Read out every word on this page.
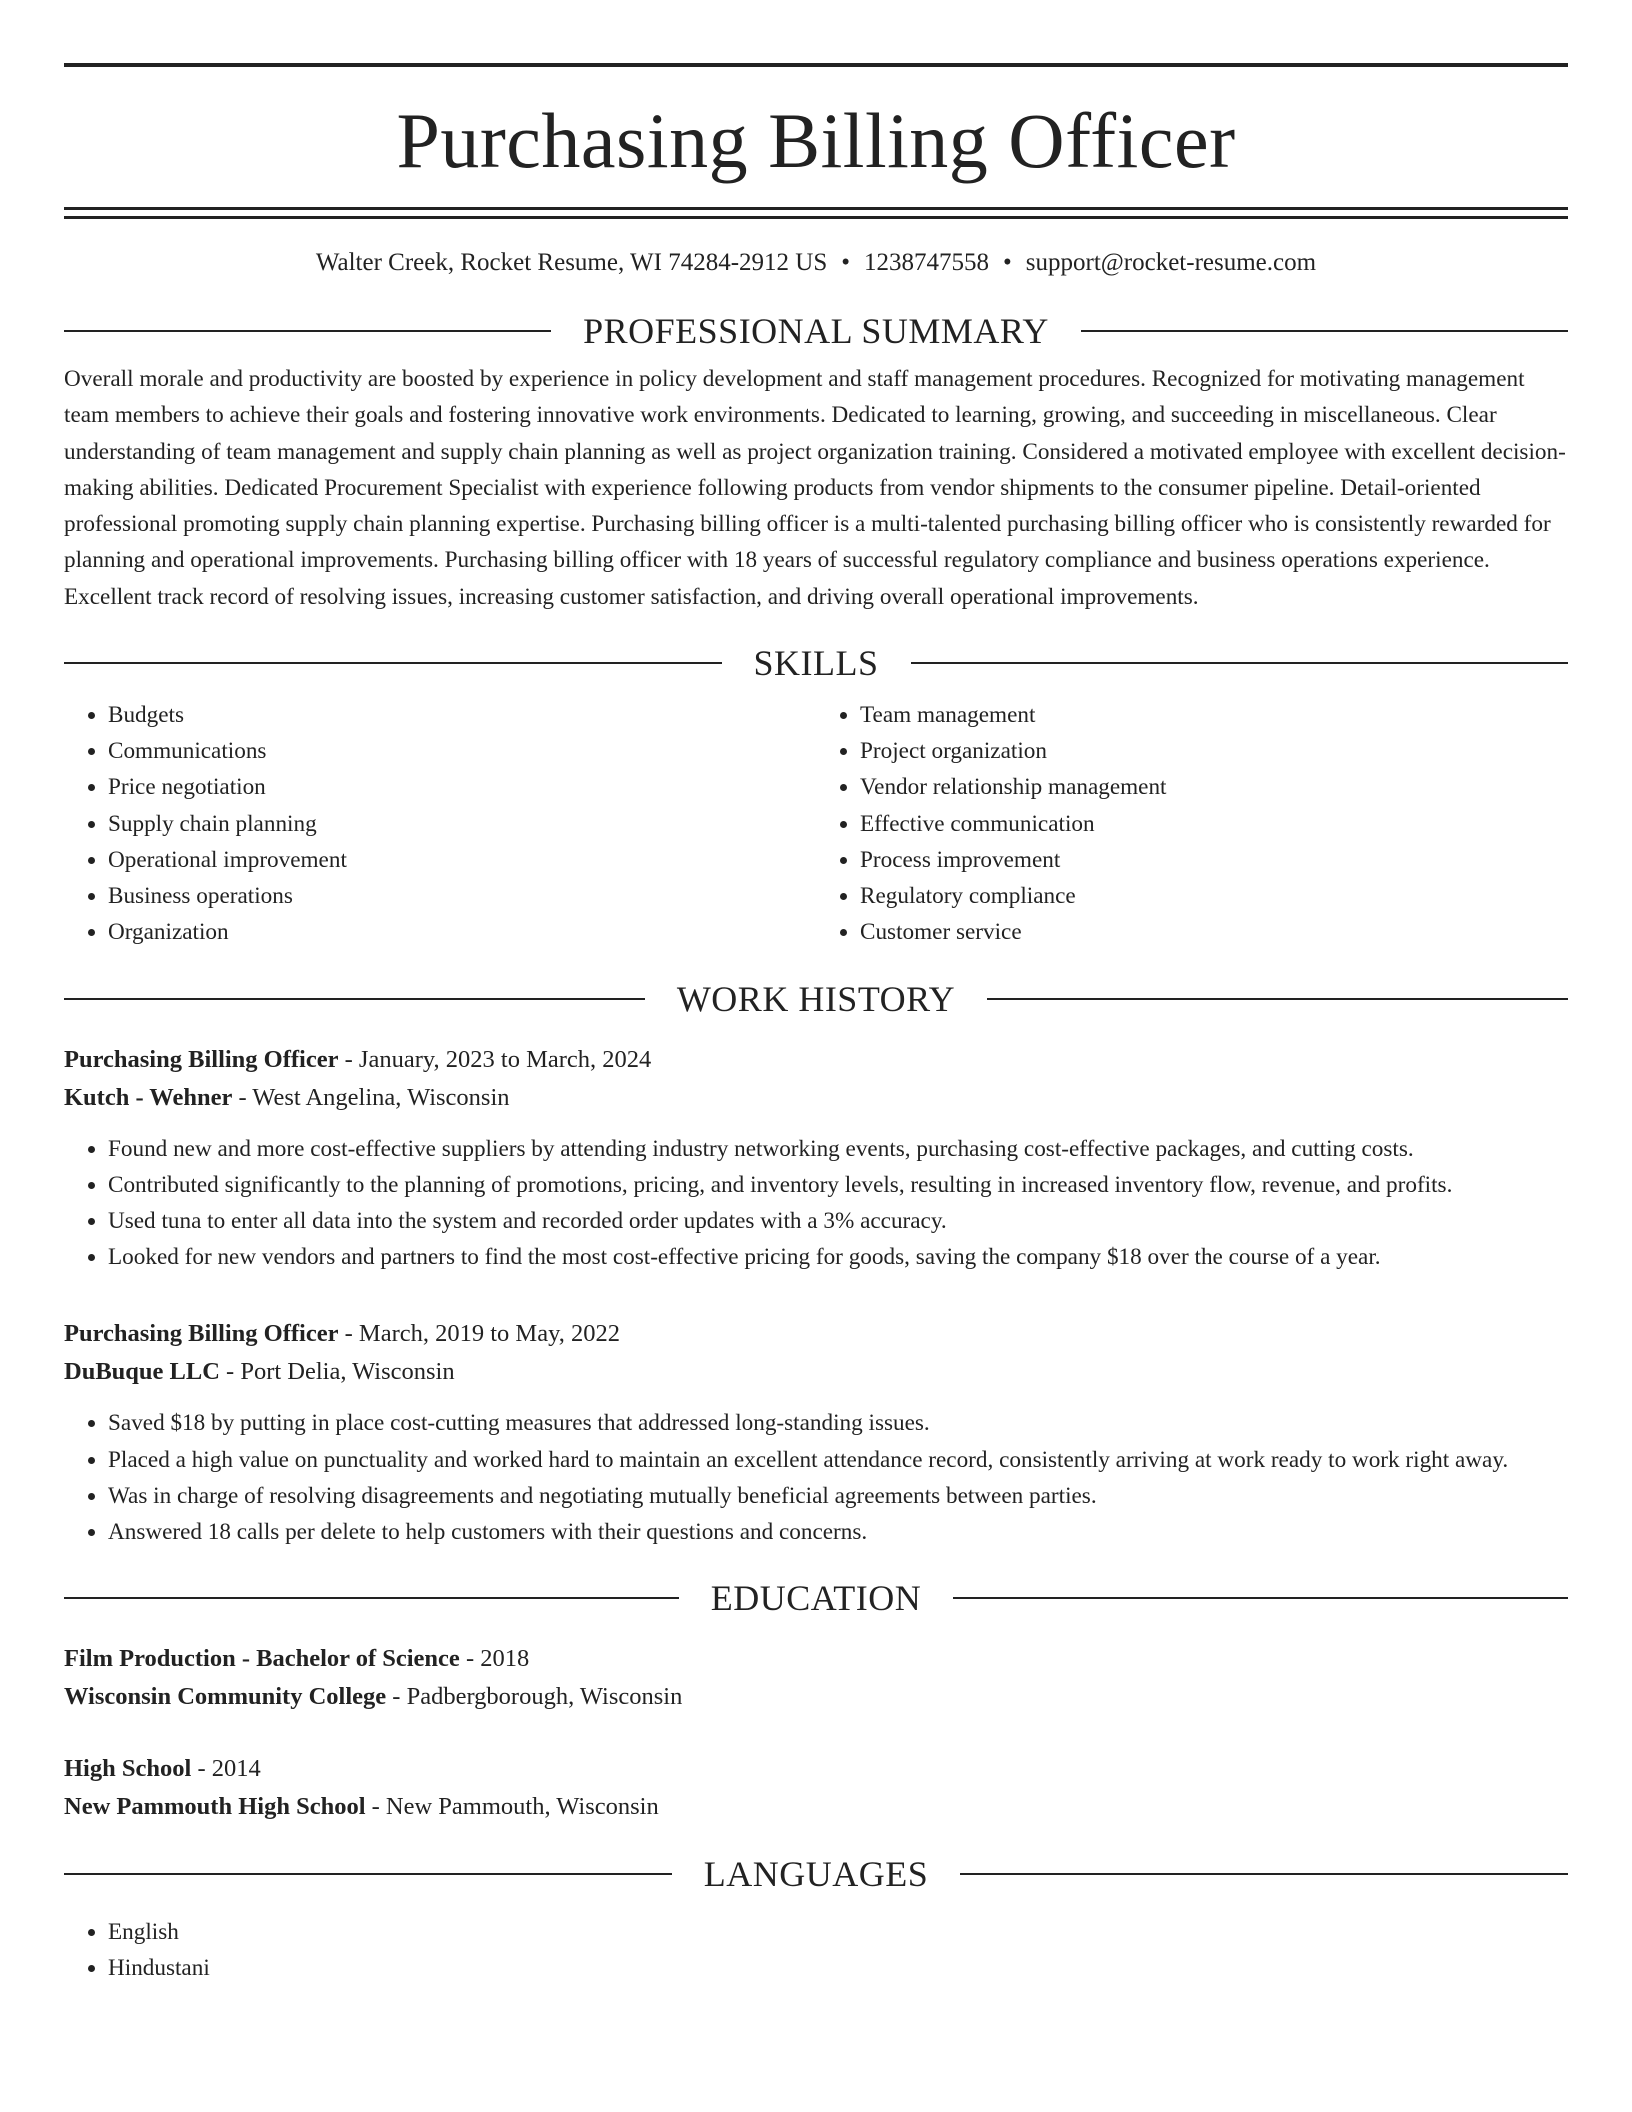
Purchasing Billing Officer
Walter Creek, Rocket Resume, WI 74284-2912 US • 1238747558 • support@rocket-resume.com
PROFESSIONAL SUMMARY
Overall morale and productivity are boosted by experience in policy development and staff management procedures. Recognized for motivating management team members to achieve their goals and fostering innovative work environments. Dedicated to learning, growing, and succeeding in miscellaneous. Clear understanding of team management and supply chain planning as well as project organization training. Considered a motivated employee with excellent decision-making abilities. Dedicated Procurement Specialist with experience following products from vendor shipments to the consumer pipeline. Detail-oriented professional promoting supply chain planning expertise. Purchasing billing officer is a multi-talented purchasing billing officer who is consistently rewarded for planning and operational improvements. Purchasing billing officer with 18 years of successful regulatory compliance and business operations experience. Excellent track record of resolving issues, increasing customer satisfaction, and driving overall operational improvements.
SKILLS
• Budgets
• Communications
• Price negotiation
• Supply chain planning
• Operational improvement
• Business operations
• Organization
• Team management
• Project organization
• Vendor relationship management
• Effective communication
• Process improvement
• Regulatory compliance
• Customer service
WORK HISTORY
Purchasing Billing Officer - January, 2023 to March, 2024
Kutch - Wehner - West Angelina, Wisconsin
• Found new and more cost-effective suppliers by attending industry networking events, purchasing cost-effective packages, and cutting costs.
• Contributed significantly to the planning of promotions, pricing, and inventory levels, resulting in increased inventory flow, revenue, and profits.
• Used tuna to enter all data into the system and recorded order updates with a 3% accuracy.
• Looked for new vendors and partners to find the most cost-effective pricing for goods, saving the company $18 over the course of a year.
Purchasing Billing Officer - March, 2019 to May, 2022
DuBuque LLC - Port Delia, Wisconsin
• Saved $18 by putting in place cost-cutting measures that addressed long-standing issues.
• Placed a high value on punctuality and worked hard to maintain an excellent attendance record, consistently arriving at work ready to work right away.
• Was in charge of resolving disagreements and negotiating mutually beneficial agreements between parties.
• Answered 18 calls per delete to help customers with their questions and concerns.
EDUCATION
Film Production - Bachelor of Science - 2018
Wisconsin Community College - Padbergborough, Wisconsin
High School - 2014
New Pammouth High School - New Pammouth, Wisconsin
LANGUAGES
• English
• Hindustani
